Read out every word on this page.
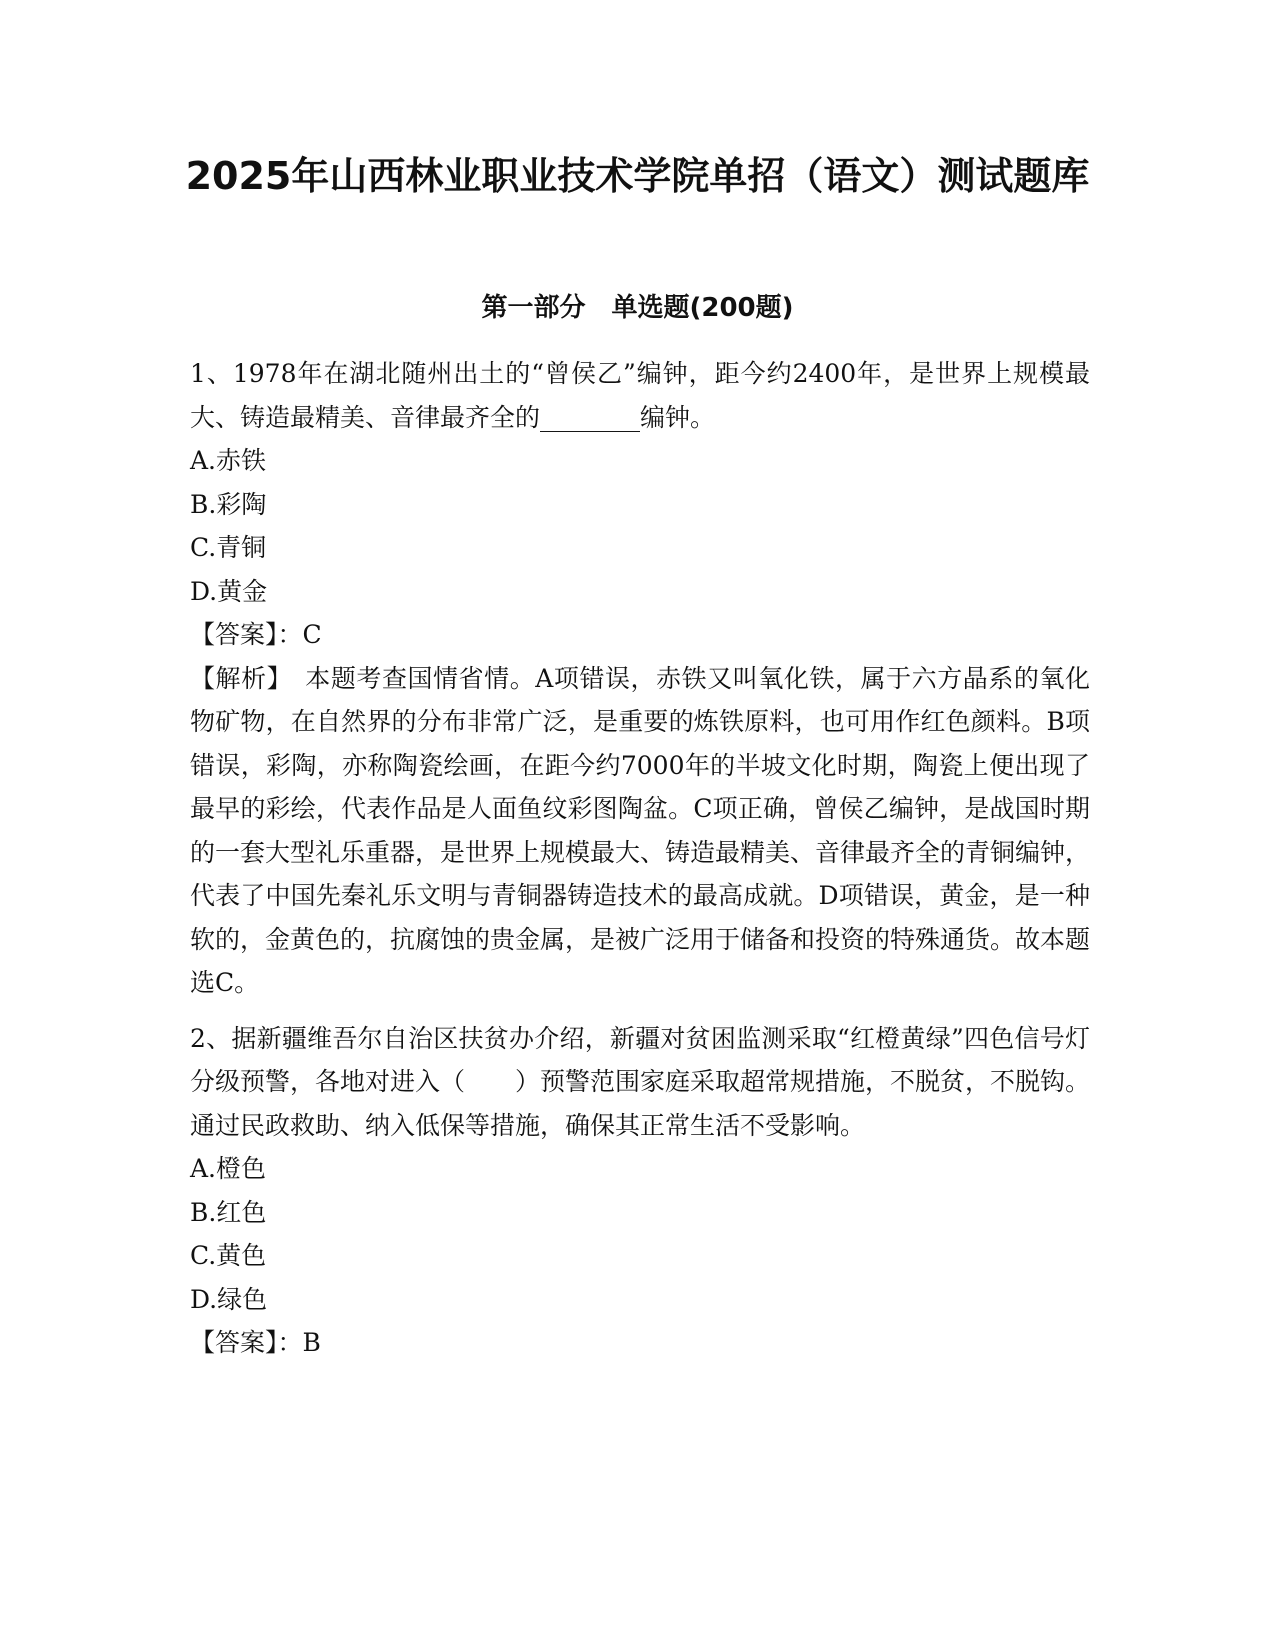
2025年山西林业职业技术学院单招（语文）测试题库
第一部分　单选题(200题)

1、1978年在湖北随州出土的“曾侯乙”编钟，距今约2400年，是世界上规模最大、铸造最精美、音律最齐全的________编钟。

A.赤铁
B.彩陶
C.青铜
D.黄金

【答案】：C

【解析】　本题考查国情省情。A项错误，赤铁又叫氧化铁，属于六方晶系的氧化物矿物，在自然界的分布非常广泛，是重要的炼铁原料，也可用作红色颜料。B项错误，彩陶，亦称陶瓷绘画，在距今约7000年的半坡文化时期，陶瓷上便出现了最早的彩绘，代表作品是人面鱼纹彩图陶盆。C项正确，曾侯乙编钟，是战国时期的一套大型礼乐重器，是世界上规模最大、铸造最精美、音律最齐全的青铜编钟，代表了中国先秦礼乐文明与青铜器铸造技术的最高成就。D项错误，黄金，是一种软的，金黄色的，抗腐蚀的贵金属，是被广泛用于储备和投资的特殊通货。故本题选C。

2、据新疆维吾尔自治区扶贫办介绍，新疆对贫困监测采取“红橙黄绿”四色信号灯分级预警，各地对进入（　　）预警范围家庭采取超常规措施，不脱贫，不脱钩。通过民政救助、纳入低保等措施，确保其正常生活不受影响。

A.橙色
B.红色
C.黄色
D.绿色

【答案】：B
